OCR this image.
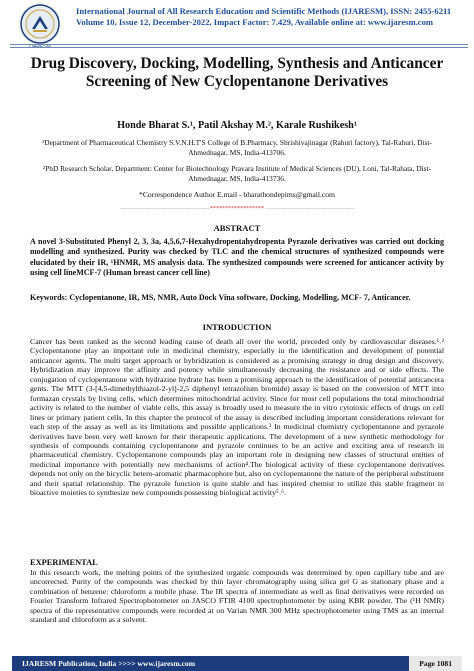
International Journal of All Research Education and Scientific Methods (IJARESM), ISSN: 2455-6211
Volume 10, Issue 12, December-2022, Impact Factor: 7.429, Available online at: www.ijaresm.com
Drug Discovery, Docking, Modelling, Synthesis and Anticancer Screening of New Cyclopentanone Derivatives
Honde Bharat S.¹, Patil Akshay M.², Karale Rushikesh¹
¹Department of Pharmaceutical Chemistry S.V.N.H.T'S College of B.Pharmacy, Shrishivajinagar (Rahuri factory), Tal-Rahuri, Dist-Ahmednagar, MS, India-413706.
²PhD Research Scholar, Department: Center for Biotechnology Pravara Institute of Medical Sciences (DU), Loni, Tal-Rahata, Dist-Ahmednagar, MS, India-413736.
*Correspondence Author E.mail - bharathondepims@gmail.com
- - - - - - - - - - - - - - - - - - - - - - - - - - - - - - - - - - - - ****************** - - - - - - - - - - - - - - - - - - - - - - - - - - - - - - - - - - - -
ABSTRACT
A novel 3-Substituted Phenyl 2, 3, 3a, 4,5,6,7-Hexahydropentahydropenta Pyrazole derivatives was carried out docking modelling and synthesized. Purity was checked by TLC and the chemical structures of synthesized compounds were elucidated by their IR, ¹HNMR, MS analysis data. The synthesized compounds were screened for anticancer activity by using cell lineMCF-7 (Human breast cancer cell line)
Keywords: Cyclopentanone, IR, MS, NMR, Auto Dock Vina software, Docking, Modelling, MCF- 7, Anticancer.
INTRODUCTION
Cancer has been ranked as the second leading cause of death all over the world, preceded only by cardiovascular diseases.¹˒² Cyclopentanone play an important role in medicinal chemistry, especially in the identification and development of potential anticancer agents. The multi target approach or hybridization is considered as a promising strategy in drug design and discovery. Hybridization may improve the affinity and potency while simultaneously decreasing the resistance and or side effects. The conjugation of cyclopentanone with hydrazine hydrate has been a promising approach to the identification of potential anticancera gents. The MTT (3-[4,5-dimethylthiazol-2-yl]-2,5 diphenyl tetrazolium bromide) assay is based on the conversion of MTT into formazan crystals by living cells, which determines mitochondrial activity. Since for most cell populations the total mitochondrial activity is related to the number of viable cells, this assay is broadly used to measure the in vitro cytotoxic effects of drugs on cell lines or primary patient cells. In this chapter the protocol of the assay is described including important considerations relevant for each step of the assay as well as its limitations and possible applications.³ In medicinal chemistry cyclopentanone and pyrazole derivatives have been very well known for their therapeutic applications. The development of a new synthetic methodology for synthesis of compounds containing cyclopentanone and pyrazole continues to be an active and exciting area of research in pharmaceutical chemistry. Cyclopentanone compounds play an important role in designing new classes of structural entities of medicinal importance with potentially new mechanisms of action⁴.The biological activity of these cyclopentanone derivatives depends not only on the bicyclic hetero-aromatic pharmacophore but, also on cyclopentanone the nature of the peripheral substituent and their spatial relationship. The pyrazole function is quite stable and has inspired chemist to utilize this stable fragment in bioactive moieties to synthesize new compounds possessing biological activity⁵˒⁶.
EXPERIMENTAL
In this research work, the melting points of the synthesized organic compounds was determined by open capillary tube and are uncorrected. Purity of the compounds was checked by thin layer chromatography using silica gel G as stationary phase and a combination of benzene: chloroform a mobile phase. The IR spectra of intermediate as well as final derivatives were recorded on Fourier Transform Infrared Spectrophotometer on JASCO FTIR 4100 spectrophotometer by using KBR powder. The (¹H NMR) spectra of the representative compounds were recorded at on Varian NMR 300 MHz spectrophotometer using TMS as an internal standard and chloroform as a solvent.
IJARESM Publication, India >>>> www.ijaresm.com	Page 1081
